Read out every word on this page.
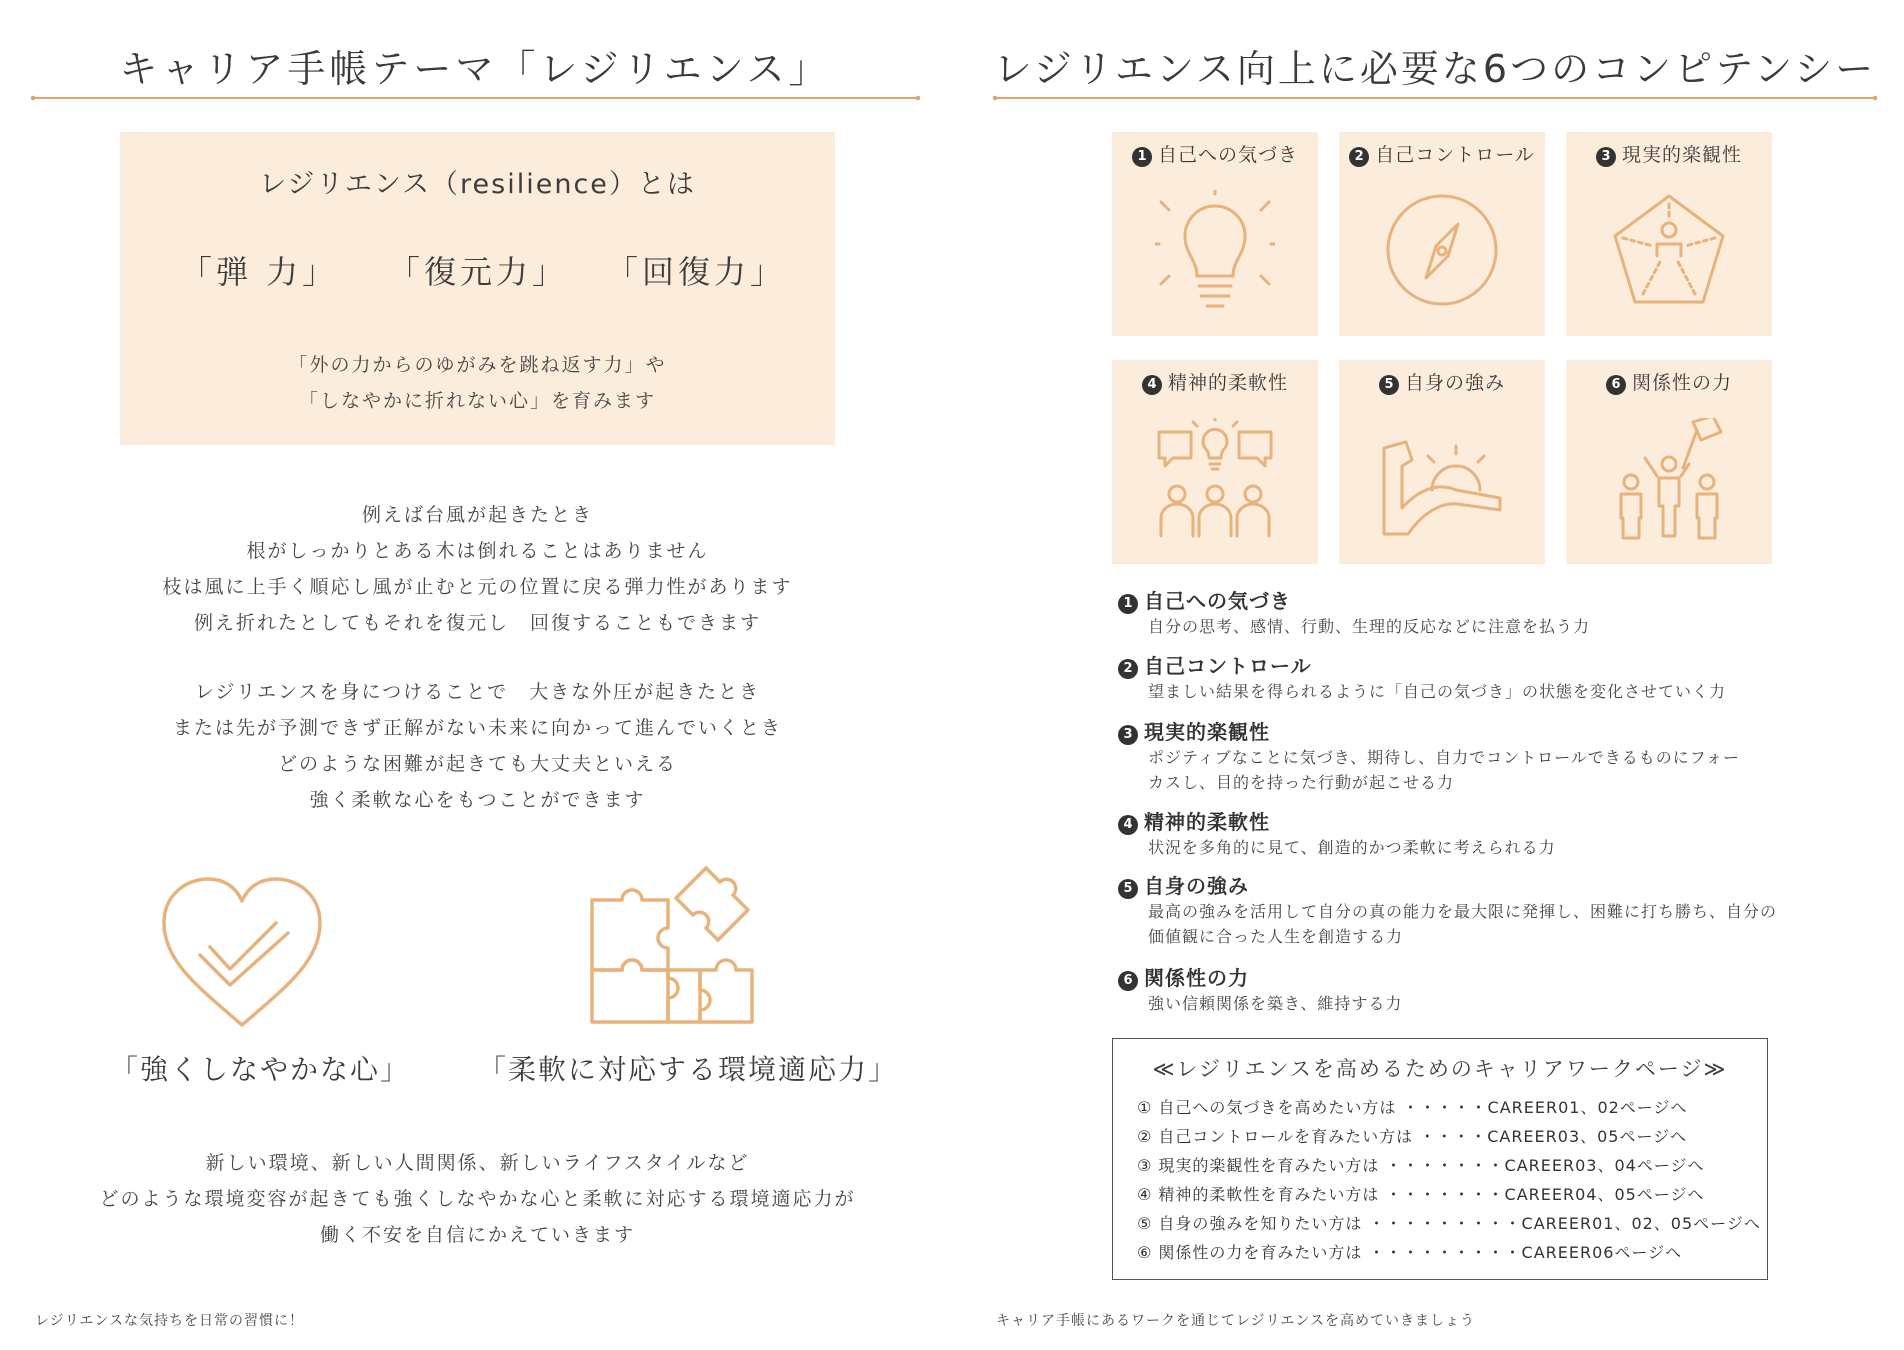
キャリア手帳テーマ「レジリエンス」
レジリエンス（resilience）とは
「弾 力」 「復元力」 「回復力」
「外の力からのゆがみを跳ね返す力」や
「しなやかに折れない心」を育みます
例えば台風が起きたとき
根がしっかりとある木は倒れることはありません
枝は風に上手く順応し風が止むと元の位置に戻る弾力性があります
例え折れたとしてもそれを復元し　回復することもできます
レジリエンスを身につけることで　大きな外圧が起きたとき
または先が予測できず正解がない未来に向かって進んでいくとき
どのような困難が起きても大丈夫といえる
強く柔軟な心をもつことができます
「強くしなやかな心」 「柔軟に対応する環境適応力」
新しい環境、新しい人間関係、新しいライフスタイルなど
どのような環境変容が起きても強くしなやかな心と柔軟に対応する環境適応力が
働く不安を自信にかえていきます
レジリエンスな気持ちを日常の習慣に！
レジリエンス向上に必要な6つのコンピテンシー
1 自己への気づき	2 自己コントロール	3 現実的楽観性
4 精神的柔軟性	5 自身の強み	6 関係性の力
1 自己への気づき
自分の思考、感情、行動、生理的反応などに注意を払う力
2 自己コントロール
望ましい結果を得られるように「自己の気づき」の状態を変化させていく力
3 現実的楽観性
ポジティブなことに気づき、期待し、自力でコントロールできるものにフォーカスし、目的を持った行動が起こせる力
4 精神的柔軟性
状況を多角的に見て、創造的かつ柔軟に考えられる力
5 自身の強み
最高の強みを活用して自分の真の能力を最大限に発揮し、困難に打ち勝ち、自分の価値観に合った人生を創造する力
6 関係性の力
強い信頼関係を築き、維持する力
≪レジリエンスを高めるためのキャリアワークページ≫
① 自己への気づきを高めたい方は ・・・・・CAREER01、02ページへ
② 自己コントロールを育みたい方は ・・・・CAREER03、05ページへ
③ 現実的楽観性を育みたい方は ・・・・・・・CAREER03、04ページへ
④ 精神的柔軟性を育みたい方は ・・・・・・・CAREER04、05ページへ
⑤ 自身の強みを知りたい方は ・・・・・・・・・CAREER01、02、05ページへ
⑥ 関係性の力を育みたい方は ・・・・・・・・・CAREER06ページへ
キャリア手帳にあるワークを通じてレジリエンスを高めていきましょう
